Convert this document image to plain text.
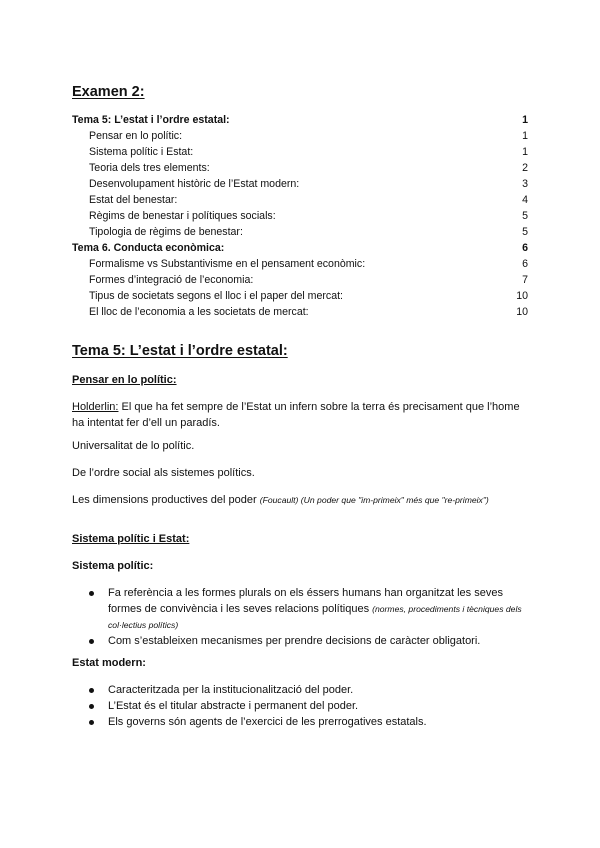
Examen 2:
Tema 5: L’estat i l’ordre estatal:	1
Pensar en lo polític:	1
Sistema polític i Estat:	1
Teoria dels tres elements:	2
Desenvolupament històric de l’Estat modern:	3
Estat del benestar:	4
Règims de benestar i polítiques socials:	5
Tipologia de règims de benestar:	5
Tema 6. Conducta econòmica:	6
Formalisme vs Substantivisme en el pensament econòmic:	6
Formes d’integració de l’economia:	7
Tipus de societats segons el lloc i el paper del mercat:	10
El lloc de l’economia a les societats de mercat:	10
Tema 5: L’estat i l’ordre estatal:
Pensar en lo polític:
Holderlin: El que ha fet sempre de l’Estat un infern sobre la terra és precisament que l’home ha intentat fer d’ell un paradís.
Universalitat de lo polític.
De l’ordre social als sistemes polítics.
Les dimensions productives del poder (Foucault) (Un poder que "im-primeix" més que "re-primeix")
Sistema polític i Estat:
Sistema polític:
Fa referència a les formes plurals on els éssers humans han organitzat les seves formes de convivència i les seves relacions polítiques (normes, procediments i tècniques dels col·lectius polítics)
Com s’estableixen mecanismes per prendre decisions de caràcter obligatori.
Estat modern:
Caracteritzada per la institucionalització del poder.
L’Estat és el titular abstracte i permanent del poder.
Els governs són agents de l’exercici de les prerrogatives estatals.
